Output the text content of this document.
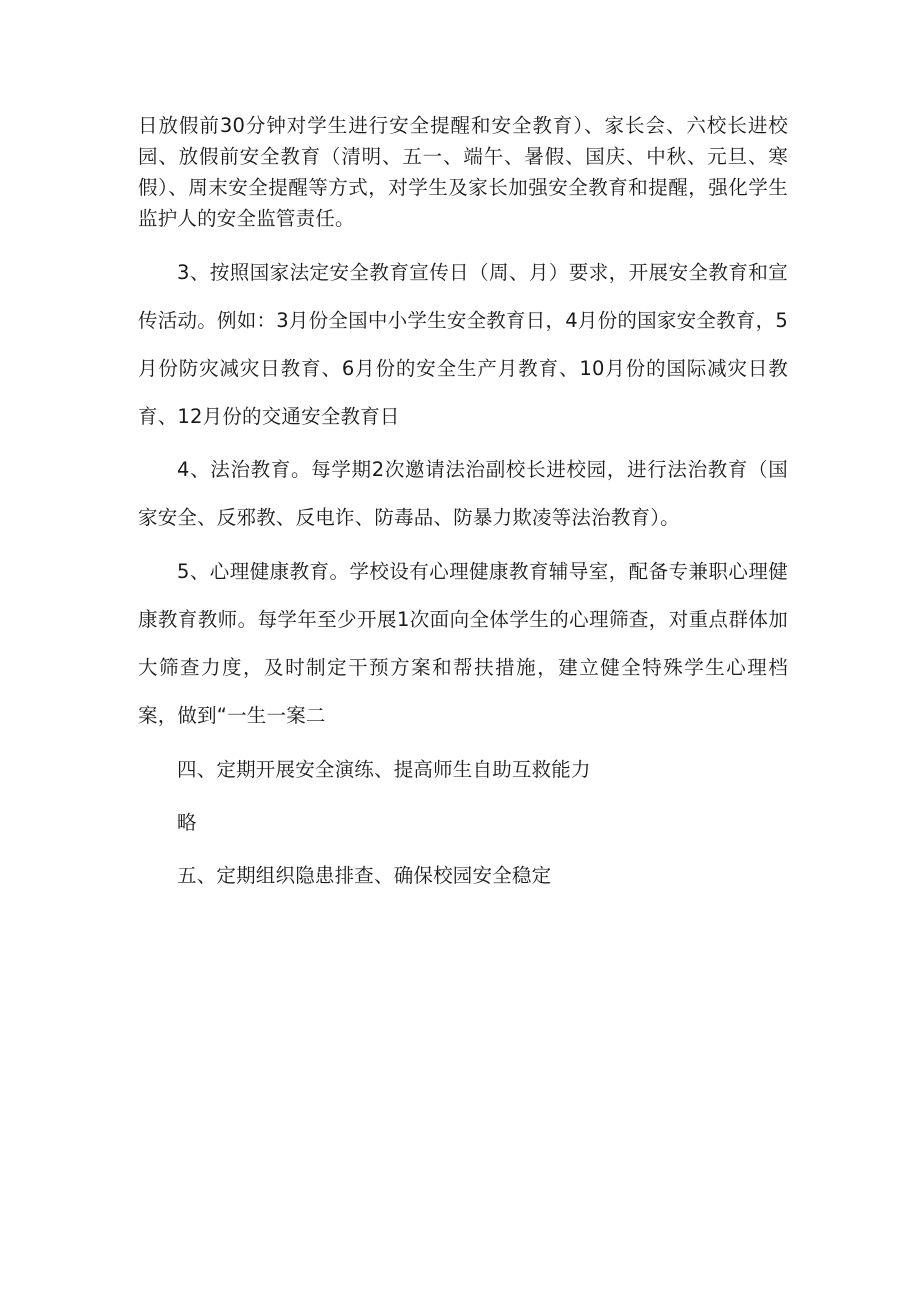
日放假前30分钟对学生进行安全提醒和安全教育）、家长会、六校长进校园、放假前安全教育（清明、五一、端午、暑假、国庆、中秋、元旦、寒假）、周末安全提醒等方式，对学生及家长加强安全教育和提醒，强化学生监护人的安全监管责任。

3、按照国家法定安全教育宣传日（周、月）要求，开展安全教育和宣传活动。例如：3月份全国中小学生安全教育日，4月份的国家安全教育，5月份防灾减灾日教育、6月份的安全生产月教育、10月份的国际减灾日教育、12月份的交通安全教育日

4、法治教育。每学期2次邀请法治副校长进校园，进行法治教育（国家安全、反邪教、反电诈、防毒品、防暴力欺凌等法治教育）。

5、心理健康教育。学校设有心理健康教育辅导室，配备专兼职心理健康教育教师。每学年至少开展1次面向全体学生的心理筛查，对重点群体加大筛查力度，及时制定干预方案和帮扶措施，建立健全特殊学生心理档案，做到“一生一案二

四、定期开展安全演练、提高师生自助互救能力

略

五、定期组织隐患排查、确保校园安全稳定
